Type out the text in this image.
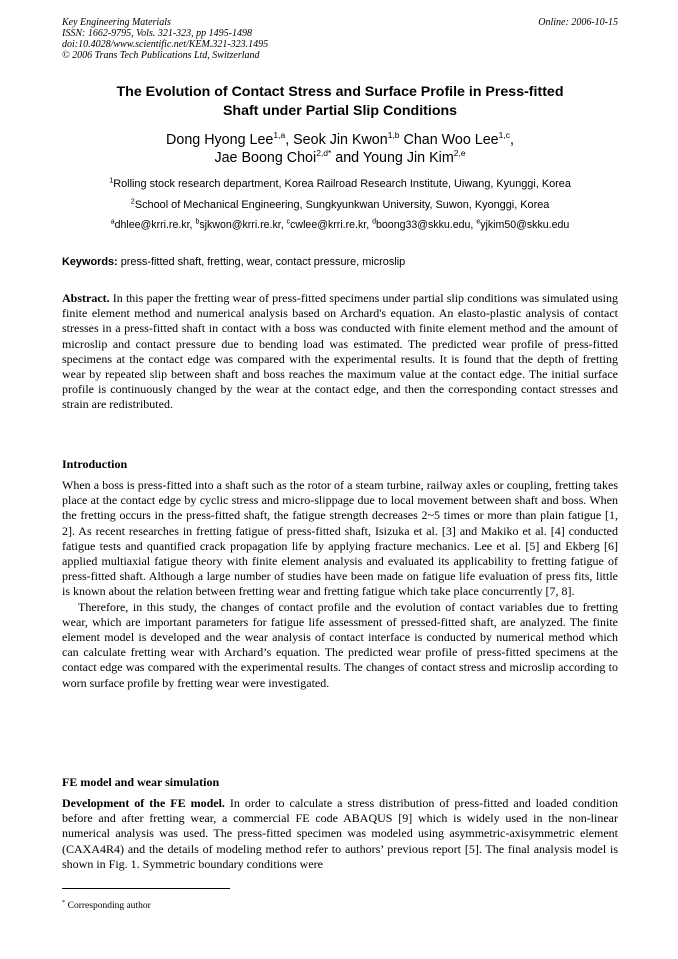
Key Engineering Materials
ISSN: 1662-9795, Vols. 321-323, pp 1495-1498
doi:10.4028/www.scientific.net/KEM.321-323.1495
© 2006 Trans Tech Publications Ltd, Switzerland
Online: 2006-10-15
The Evolution of Contact Stress and Surface Profile in Press-fitted
Shaft under Partial Slip Conditions
Dong Hyong Lee$^{1,a}$, Seok Jin Kwon$^{1,b}$ Chan Woo Lee$^{1,c}$,
Jae Boong Choi$^{2,d*}$ and Young Jin Kim$^{2,e}$
$^1$Rolling stock research department, Korea Railroad Research Institute, Uiwang, Kyunggi, Korea
$^2$School of Mechanical Engineering, Sungkyunkwan University, Suwon, Kyonggi, Korea
$^a$dhlee@krri.re.kr, $^b$sjkwon@krri.re.kr, $^c$cwlee@krri.re.kr, $^d$boong33@skku.edu, $^e$yjkim50@skku.edu
Keywords: press-fitted shaft, fretting, wear, contact pressure, microslip

Abstract. In this paper the fretting wear of press-fitted specimens under partial slip conditions was simulated using finite element method and numerical analysis based on Archard's equation. An elasto-plastic analysis of contact stresses in a press-fitted shaft in contact with a boss was conducted with finite element method and the amount of microslip and contact pressure due to bending load was estimated. The predicted wear profile of press-fitted specimens at the contact edge was compared with the experimental results. It is found that the depth of fretting wear by repeated slip between shaft and boss reaches the maximum value at the contact edge. The initial surface profile is continuously changed by the wear at the contact edge, and then the corresponding contact stresses and strain are redistributed.

Introduction

When a boss is press-fitted into a shaft such as the rotor of a steam turbine, railway axles or coupling, fretting takes place at the contact edge by cyclic stress and micro-slippage due to local movement between shaft and boss. When the fretting occurs in the press-fitted shaft, the fatigue strength decreases 2~5 times or more than plain fatigue [1, 2]. As recent researches in fretting fatigue of press-fitted shaft, Isizuka et al. [3] and Makiko et al. [4] conducted fatigue tests and quantified crack propagation life by applying fracture mechanics. Lee et al. [5] and Ekberg [6] applied multiaxial fatigue theory with finite element analysis and evaluated its applicability to fretting fatigue of press-fitted shaft. Although a large number of studies have been made on fatigue life evaluation of press fits, little is known about the relation between fretting wear and fretting fatigue which take place concurrently [7, 8].

Therefore, in this study, the changes of contact profile and the evolution of contact variables due to fretting wear, which are important parameters for fatigue life assessment of pressed-fitted shaft, are analyzed. The finite element model is developed and the wear analysis of contact interface is conducted by numerical method which can calculate fretting wear with Archard’s equation. The predicted wear profile of press-fitted specimens at the contact edge was compared with the experimental results. The changes of contact stress and microslip according to worn surface profile by fretting wear were investigated.

FE model and wear simulation

Development of the FE model. In order to calculate a stress distribution of press-fitted and loaded condition before and after fretting wear, a commercial FE code ABAQUS [9] which is widely used in the non-linear numerical analysis was used. The press-fitted specimen was modeled using asymmetric-axisymmetric element (CAXA4R4) and the details of modeling method refer to authors’ previous report [5]. The final analysis model is shown in Fig. 1. Symmetric boundary conditions were

* Corresponding author
